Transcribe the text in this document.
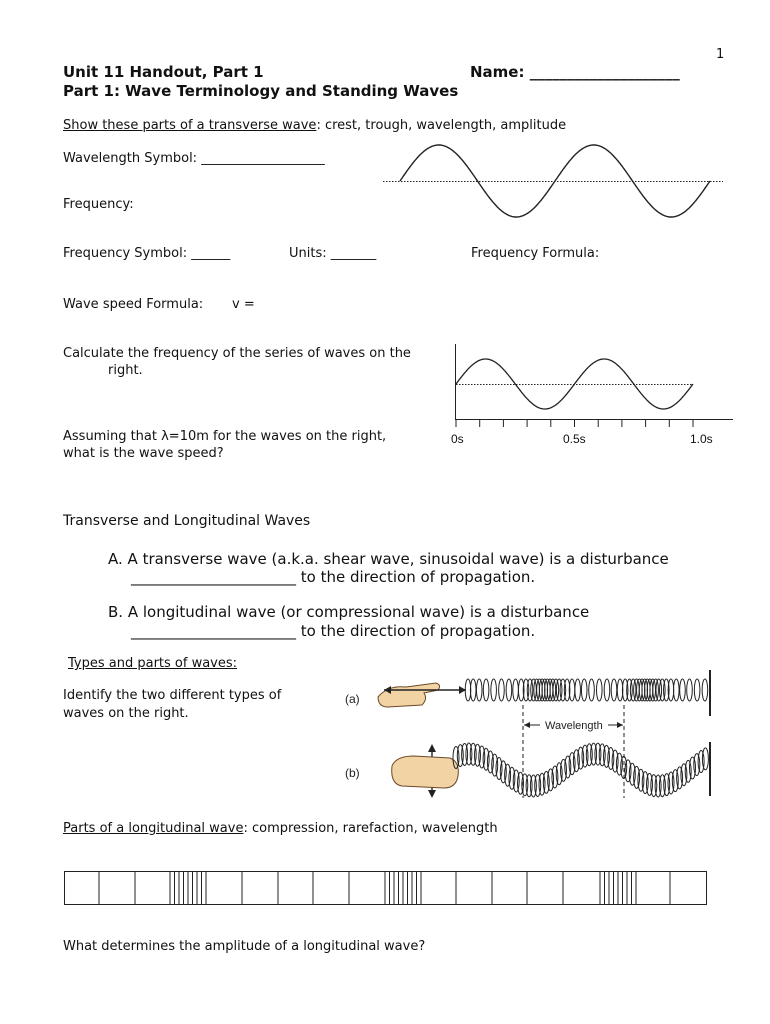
1
Unit 11 Handout, Part 1	Name: ____________________
Part 1: Wave Terminology and Standing Waves
Show these parts of a transverse wave: crest, trough, wavelength, amplitude
Wavelength Symbol: ___________________
Frequency:
Frequency Symbol: ______	Units: _______	Frequency Formula:
Wave speed Formula: v =
Calculate the frequency of the series of waves on the
right.
Assuming that λ=10m for the waves on the right,
what is the wave speed?
0s	0.5s	1.0s
Transverse and Longitudinal Waves
A. A transverse wave (a.k.a. shear wave, sinusoidal wave) is a disturbance
______________________ to the direction of propagation.
B. A longitudinal wave (or compressional wave) is a disturbance
______________________ to the direction of propagation.
Types and parts of waves:
Identify the two different types of
waves on the right.
(a)
Wavelength
(b)
Parts of a longitudinal wave: compression, rarefaction, wavelength
What determines the amplitude of a longitudinal wave?
